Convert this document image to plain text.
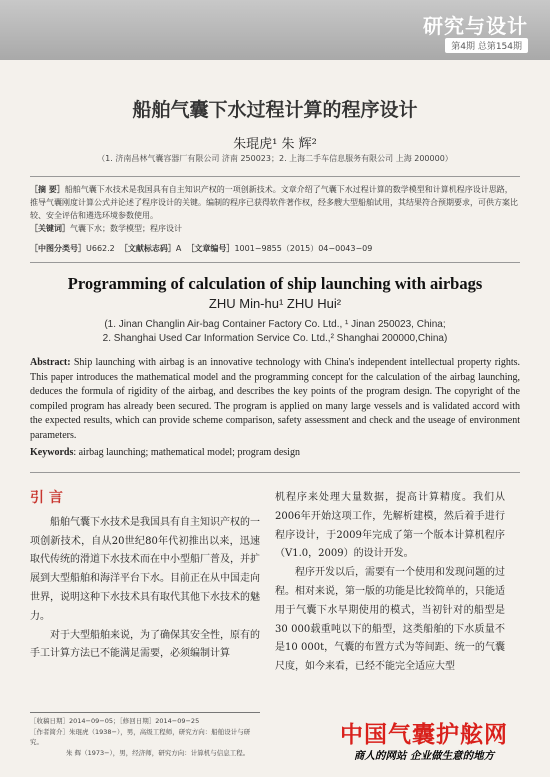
研究与设计
第4期 总第154期
船舶气囊下水过程计算的程序设计
朱琨虎¹ 朱 辉²
（1. 济南昌林气囊容器厂有限公司 济南 250023；2. 上海二手车信息服务有限公司 上海 200000）
［摘 要］船舶气囊下水技术是我国具有自主知识产权的一项创新技术。文章介绍了气囊下水过程计算的数学模型和计算机程序设计思路，推导气囊刚度计算公式并论述了程序设计的关键。编制的程序已获得软件著作权，经多艘大型船舶试用，其结果符合预期要求，可供方案比较、安全评估和遴选环境参数使用。
［关键词］气囊下水；数学模型；程序设计
［中图分类号］U662.2 ［文献标志码］A ［文章编号］1001−9855（2015）04−0043−09
Programming of calculation of ship launching with airbags
ZHU Min-hu¹ ZHU Hui²
(1. Jinan Changlin Air-bag Container Factory Co. Ltd., ¹ Jinan 250023, China;
2. Shanghai Used Car Information Service Co. Ltd.,² Shanghai 200000,China)
Abstract: Ship launching with airbag is an innovative technology with China's independent intellectual property rights. This paper introduces the mathematical model and the programming concept for the calculation of the airbag launching, deduces the formula of rigidity of the airbag, and describes the key points of the program design. The copyright of the compiled program has already been secured. The program is applied on many large vessels and is validated accord with the expected results, which can provide scheme comparison, safety assessment and check and the useage of environment parameters.
Keywords: airbag launching; mathematical model; program design
引 言

船舶气囊下水技术是我国具有自主知识产权的一项创新技术，自从20世纪80年代初推出以来，迅速取代传统的滑道下水技术而在中小型船厂普及，并扩展到大型船舶和海洋平台下水。目前正在从中国走向世界，说明这种下水技术具有取代其他下水技术的魅力。

对于大型船舶来说，为了确保其安全性，原有的手工计算方法已不能满足需要，必须编制计算

机程序来处理大量数据，提高计算精度。我们从2006年开始这项工作，先解析建模，然后着手进行程序设计，于2009年完成了第一个版本计算机程序（V1.0，2009）的设计开发。

程序开发以后，需要有一个使用和发现问题的过程。相对来说，第一版的功能是比较简单的，只能适用于气囊下水早期使用的模式，当初针对的船型是30 000载重吨以下的船型，这类船舶的下水质量不是10 000t，气囊的布置方式为等间距、统一的气囊尺度，如今来看，已经不能完全适应大型

［收稿日期］2014−09−05；［修回日期］2014−09−25
［作者简介］朱琨虎（1938−），男，高级工程师，研究方向：船舶设计与研究。
朱 辉（1973−），男，经济师，研究方向：计算机与信息工程。
中国气囊护舷网
商人的网站 企业做生意的地方
